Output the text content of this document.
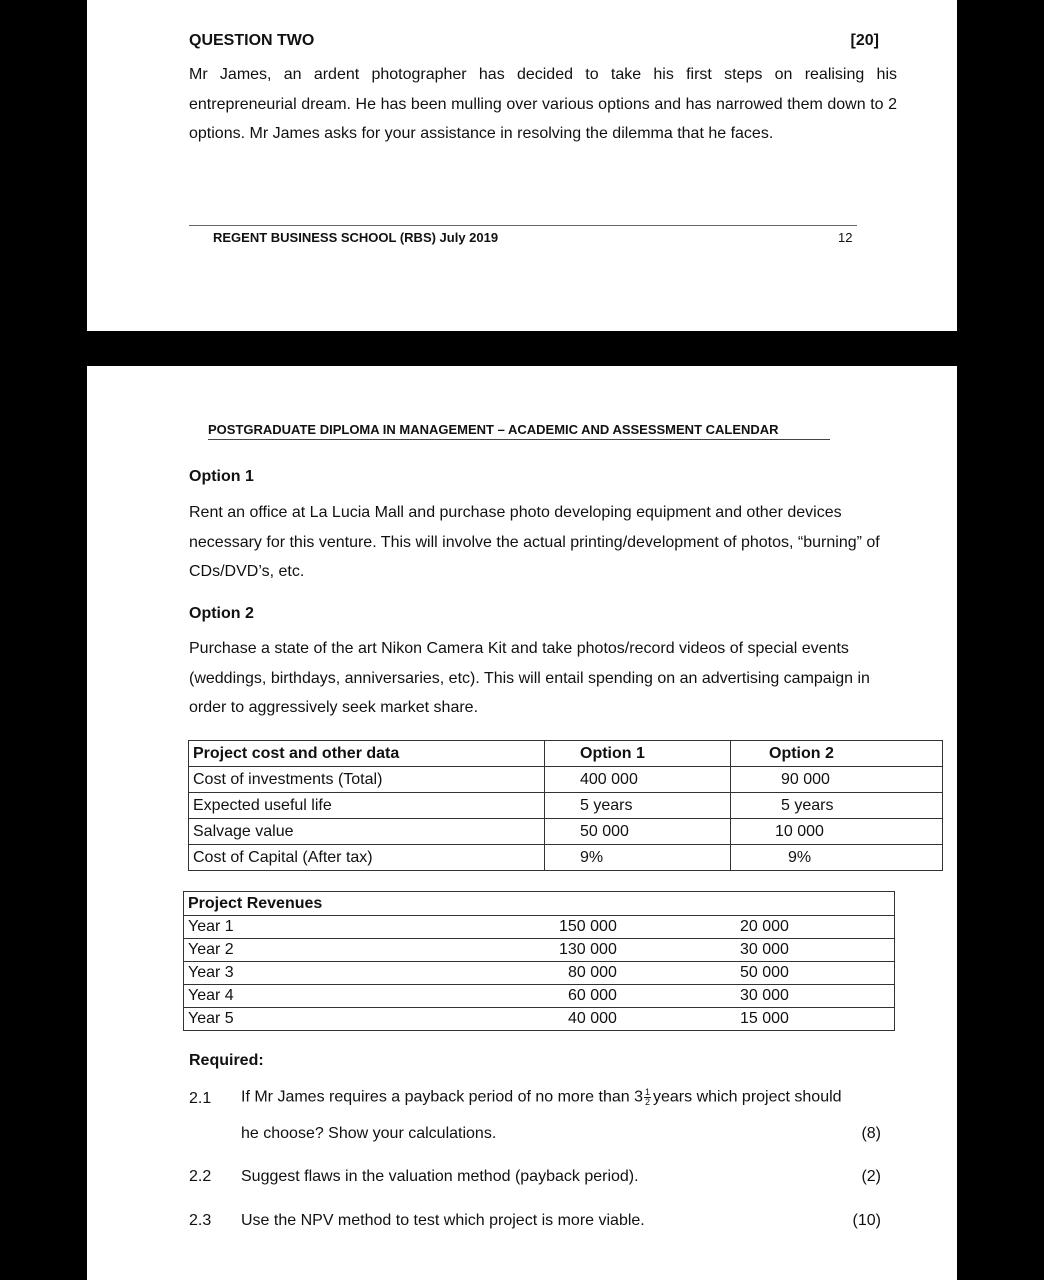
QUESTION TWO	[20]
Mr James, an ardent photographer has decided to take his first steps on realising his entrepreneurial dream. He has been mulling over various options and has narrowed them down to 2 options. Mr James asks for your assistance in resolving the dilemma that he faces.
REGENT BUSINESS SCHOOL (RBS) July 2019	12
POSTGRADUATE DIPLOMA IN MANAGEMENT – ACADEMIC AND ASSESSMENT CALENDAR
Option 1
Rent an office at La Lucia Mall and purchase photo developing equipment and other devices necessary for this venture. This will involve the actual printing/development of photos, “burning” of CDs/DVD’s, etc.
Option 2
Purchase a state of the art Nikon Camera Kit and take photos/record videos of special events (weddings, birthdays, anniversaries, etc). This will entail spending on an advertising campaign in order to aggressively seek market share.
Project cost and other data	Option 1	Option 2
Cost of investments (Total)	400 000	90 000
Expected useful life	5 years	5 years
Salvage value	50 000	10 000
Cost of Capital (After tax)	9%	9%
Project Revenues		
Year 1	150 000	20 000
Year 2	130 000	30 000
Year 3	80 000	50 000
Year 4	60 000	30 000
Year 5	40 000	15 000
Required:
2.1 If Mr James requires a payback period of no more than $3 \frac{1}{2}$ years which project should
he choose? Show your calculations.	(8)
2.2 Suggest flaws in the valuation method (payback period).	(2)
2.3 Use the NPV method to test which project is more viable.	(10)
